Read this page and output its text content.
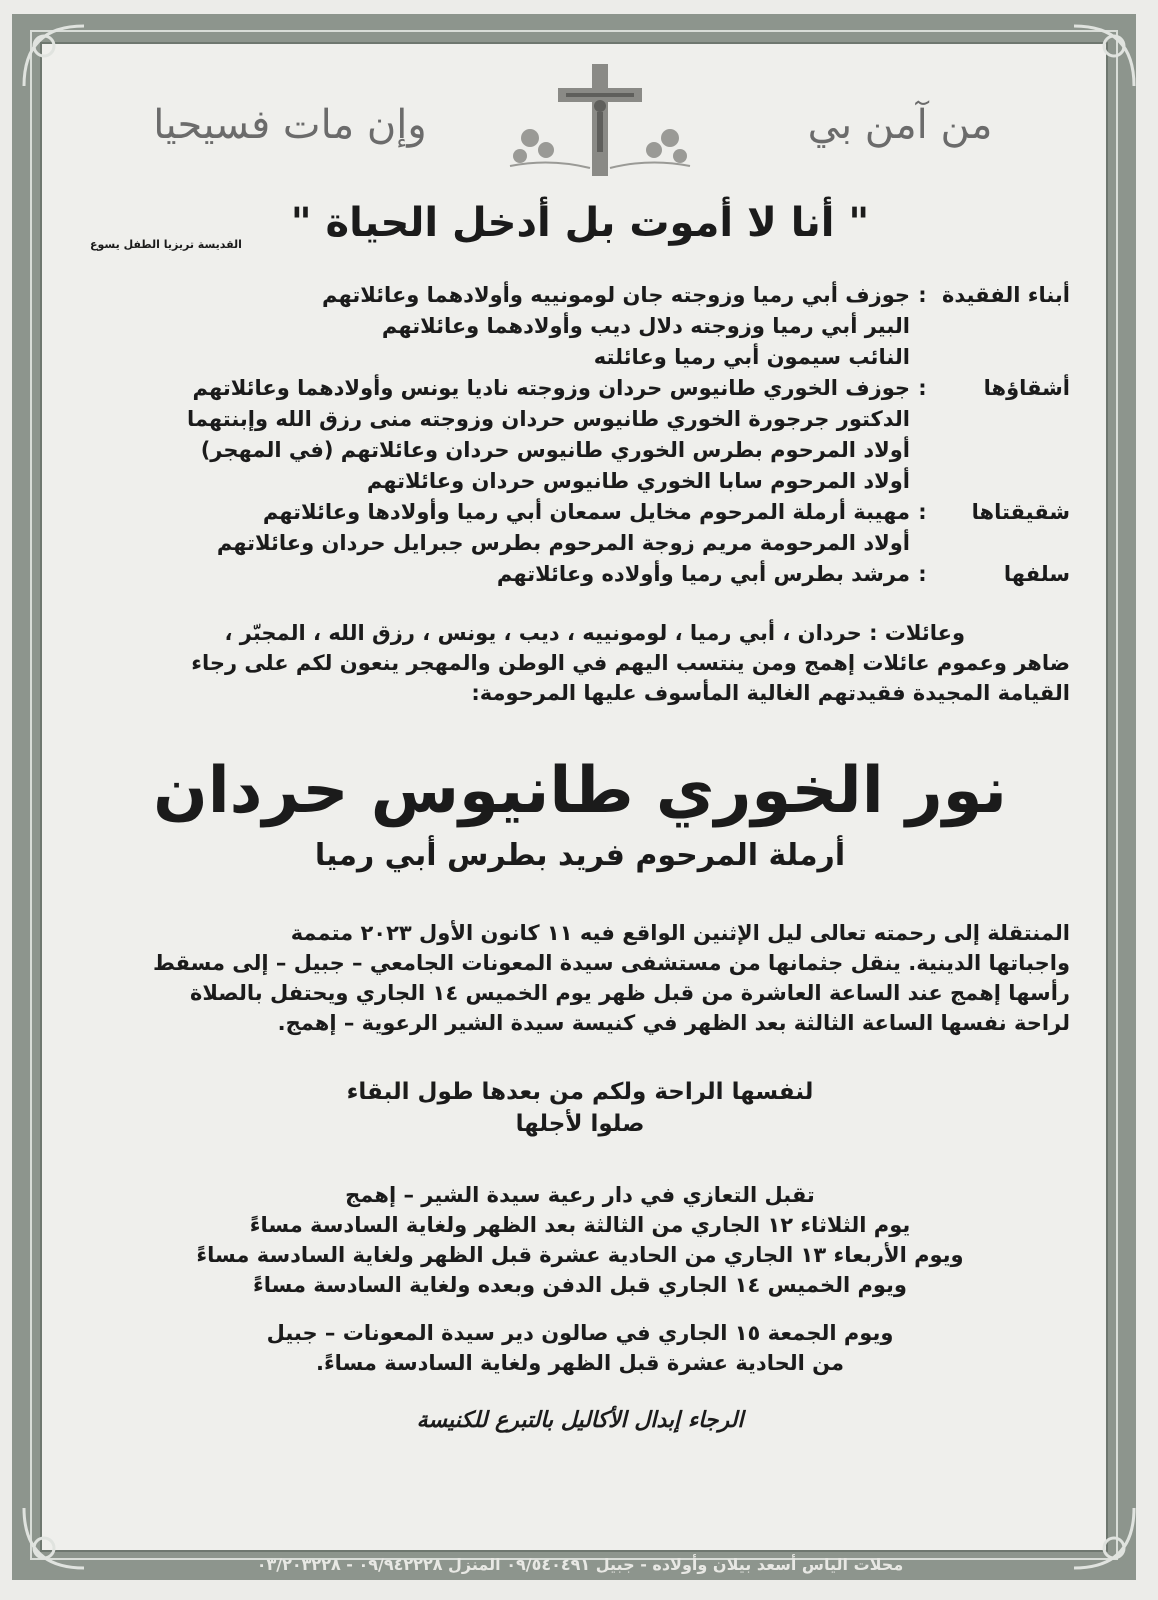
من آمن بي
وإن مات فسيحيا
" أنا لا أموت بل أدخل الحياة "
القديسة تريزيا الطفل يسوع
أبناء الفقيدة
:
جوزف أبي رميا وزوجته جان لومونييه وأولادهما وعائلاتهم
البير أبي رميا وزوجته دلال ديب وأولادهما وعائلاتهم
النائب سيمون أبي رميا وعائلته
أشقاؤها
:
جوزف الخوري طانيوس حردان وزوجته ناديا يونس وأولادهما وعائلاتهم
الدكتور جرجورة الخوري طانيوس حردان وزوجته منى رزق الله وإبنتهما
أولاد المرحوم بطرس الخوري طانيوس حردان وعائلاتهم (في المهجر)
أولاد المرحوم سابا الخوري طانيوس حردان وعائلاتهم
شقيقتاها
:
مهيبة أرملة المرحوم مخايل سمعان أبي رميا وأولادها وعائلاتهم
أولاد المرحومة مريم زوجة المرحوم بطرس جبرايل حردان وعائلاتهم
سلفها
:
مرشد بطرس أبي رميا وأولاده وعائلاتهم

وعائلات : حردان ، أبي رميا ، لومونييه ، ديب ، يونس ، رزق الله ، المجبّر ،

ضاهر وعموم عائلات إهمج ومن ينتسب اليهم في الوطن والمهجر ينعون لكم على رجاء

القيامة المجيدة فقيدتهم الغالية المأسوف عليها المرحومة:

نور الخوري طانيوس حردان
أرملة المرحوم فريد بطرس أبي رميا
المنتقلة إلى رحمته تعالى ليل الإثنين الواقع فيه ١١ كانون الأول ٢٠٢٣ متممة
واجباتها الدينية. ينقل جثمانها من مستشفى سيدة المعونات الجامعي – جبيل – إلى مسقط
رأسها إهمج عند الساعة العاشرة من قبل ظهر يوم الخميس ١٤ الجاري ويحتفل بالصلاة
لراحة نفسها الساعة الثالثة بعد الظهر في كنيسة سيدة الشير الرعوية – إهمج.
لنفسها الراحة ولكم من بعدها طول البقاء
صلوا لأجلها

تقبل التعازي في دار رعية سيدة الشير – إهمج

يوم الثلاثاء ١٢ الجاري من الثالثة بعد الظهر ولغاية السادسة مساءً

ويوم الأربعاء ١٣ الجاري من الحادية عشرة قبل الظهر ولغاية السادسة مساءً

ويوم الخميس ١٤ الجاري قبل الدفن وبعده ولغاية السادسة مساءً

ويوم الجمعة ١٥ الجاري في صالون دير سيدة المعونات – جبيل

من الحادية عشرة قبل الظهر ولغاية السادسة مساءً.

الرجاء إبدال الأكاليل بالتبرع للكنيسة
محلات الياس أسعد بيلان وأولاده - جبيل ٠٩/٥٤٠٤٩١ المنزل ٠٩/٩٤٢٢٢٨ - ٠٣/٢٠٣٢٢٨
